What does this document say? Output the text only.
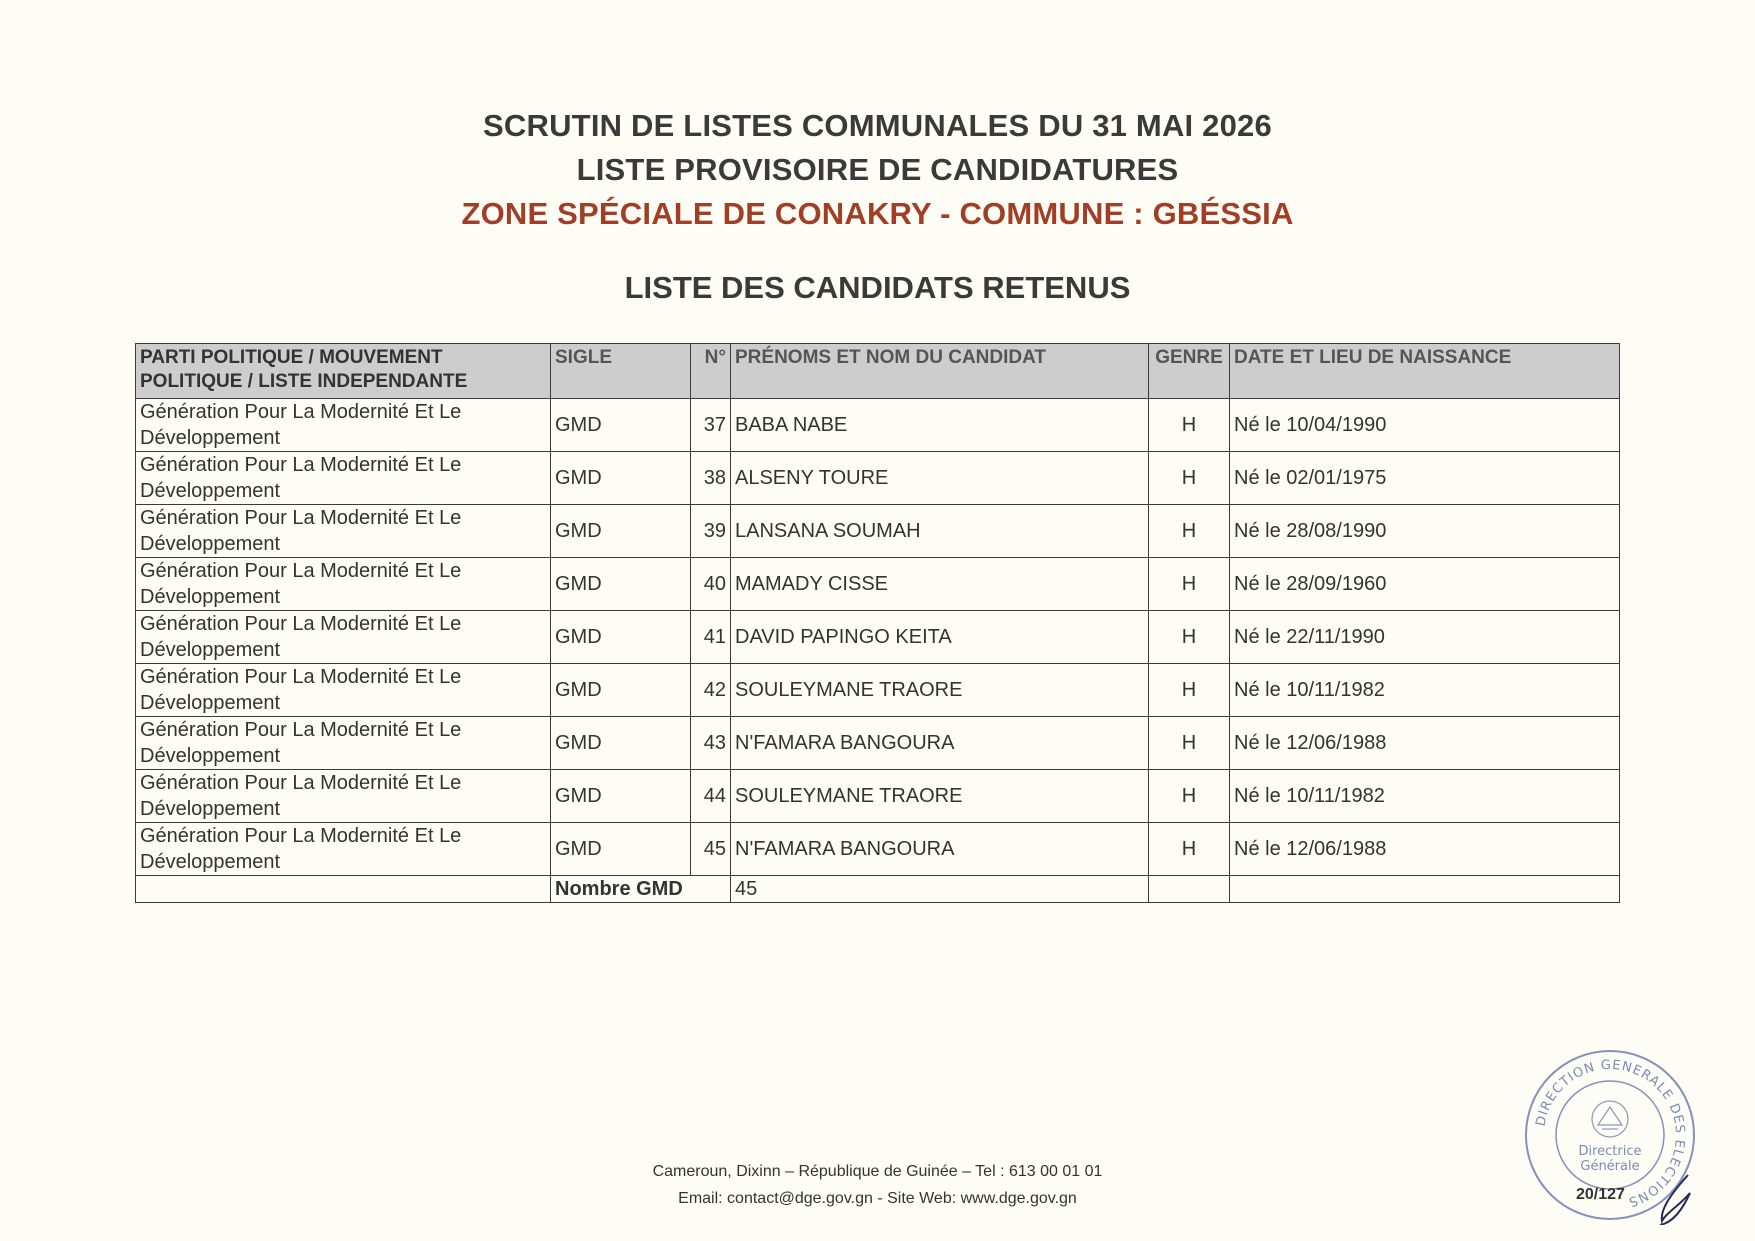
SCRUTIN DE LISTES COMMUNALES DU 31 MAI 2026
LISTE PROVISOIRE DE CANDIDATURES
ZONE SPÉCIALE DE CONAKRY - COMMUNE : GBÉSSIA
LISTE DES CANDIDATS RETENUS
PARTI POLITIQUE / MOUVEMENT POLITIQUE / LISTE INDEPENDANTE	SIGLE	N°	PRÉNOMS ET NOM DU CANDIDAT	GENRE	DATE ET LIEU DE NAISSANCE
Génération Pour La Modernité Et Le Développement	GMD	37	BABA NABE	H	Né le 10/04/1990
Génération Pour La Modernité Et Le Développement	GMD	38	ALSENY TOURE	H	Né le 02/01/1975
Génération Pour La Modernité Et Le Développement	GMD	39	LANSANA SOUMAH	H	Né le 28/08/1990
Génération Pour La Modernité Et Le Développement	GMD	40	MAMADY CISSE	H	Né le 28/09/1960
Génération Pour La Modernité Et Le Développement	GMD	41	DAVID PAPINGO KEITA	H	Né le 22/11/1990
Génération Pour La Modernité Et Le Développement	GMD	42	SOULEYMANE TRAORE	H	Né le 10/11/1982
Génération Pour La Modernité Et Le Développement	GMD	43	N'FAMARA BANGOURA	H	Né le 12/06/1988
Génération Pour La Modernité Et Le Développement	GMD	44	SOULEYMANE TRAORE	H	Né le 10/11/1982
Génération Pour La Modernité Et Le Développement	GMD	45	N'FAMARA BANGOURA	H	Né le 12/06/1988
	Nombre GMD		45		
Cameroun, Dixinn – République de Guinée – Tel : 613 00 01 01
Email: contact@dge.gov.gn - Site Web: www.dge.gov.gn
DIRECTION GENERALE DES ELECTIONS
Directrice
Générale
20/127
